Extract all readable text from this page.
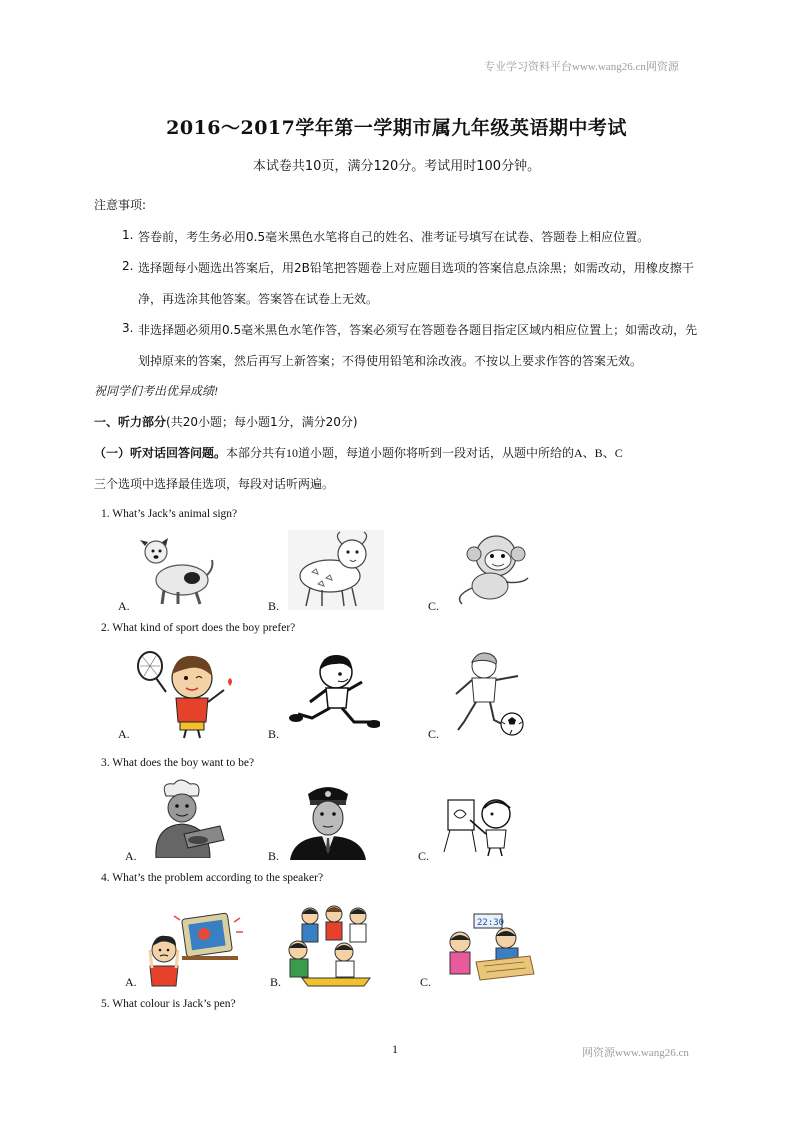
专业学习资料平台www.wang26.cn网资源
2016～2017学年第一学期市属九年级英语期中考试
本试卷共10页，满分120分。考试用时100分钟。
注意事项:
1. 答卷前，考生务必用0.5毫米黑色水笔将自己的姓名、准考证号填写在试卷、答题卷上相应位置。
2. 选择题每小题选出答案后，用2B铅笔把答题卷上对应题目选项的答案信息点涂黑；如需改动，用橡皮擦干
净，再选涂其他答案。答案答在试卷上无效。
3. 非选择题必须用0.5毫米黑色水笔作答，答案必须写在答题卷各题目指定区域内相应位置上；如需改动，先
划掉原来的答案，然后再写上新答案；不得使用铅笔和涂改液。不按以上要求作答的答案无效。
祝同学们考出优异成绩!
一、听力部分(共20小题；每小题1分，满分20分)
（一）听对话回答问题。本部分共有10道小题，每道小题你将听到一段对话，从题中所给的A、B、C
三个选项中选择最佳选项，每段对话听两遍。
1. What’s Jack’s animal sign?
A.	B.	C.
2. What kind of sport does the boy prefer?
A.	B.	C.
3. What does the boy want to be?
A.	B.	C.
4. What’s the problem according to the speaker?
A.	B.
22:30
C.
5. What colour is Jack’s pen?
1	网资源www.wang26.cn
